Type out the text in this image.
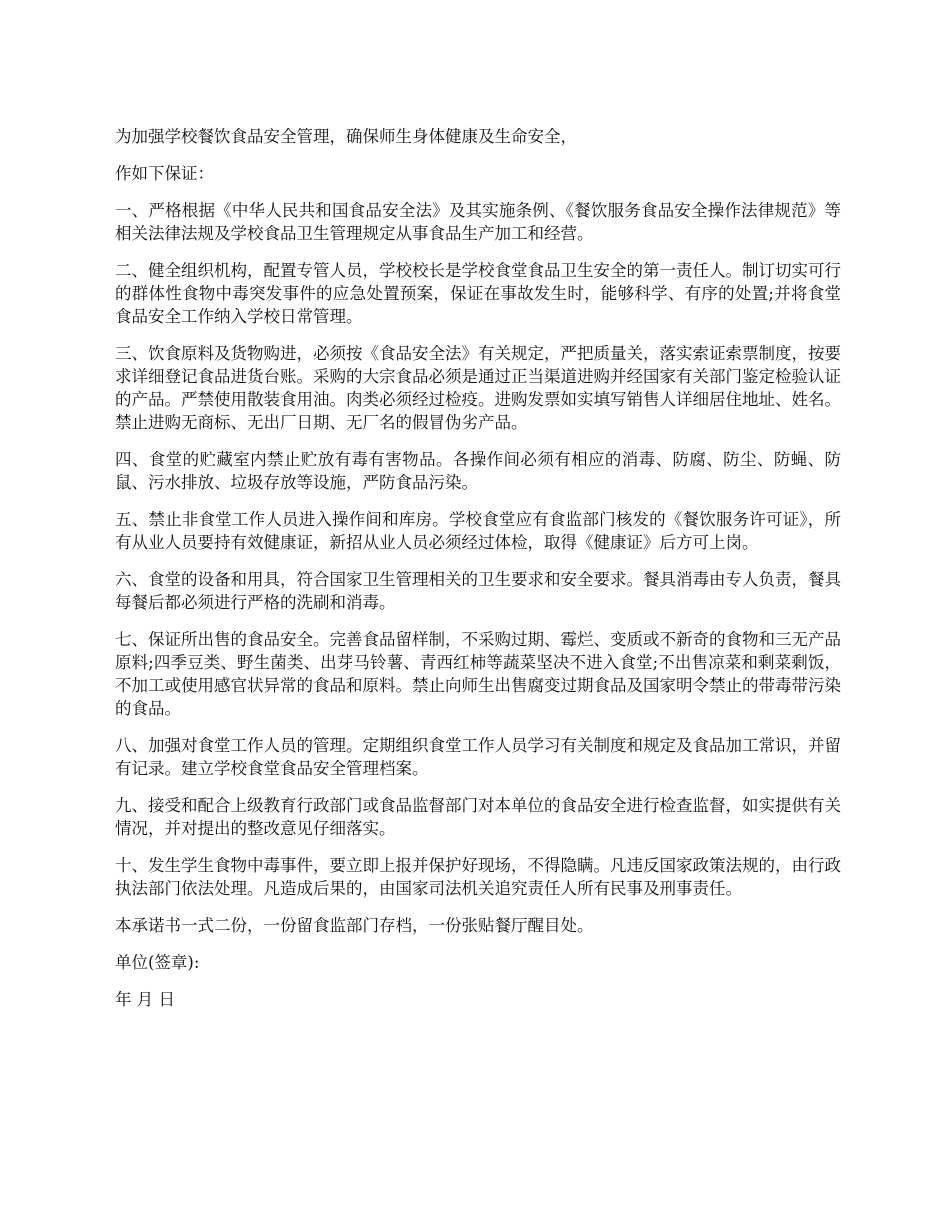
为加强学校餐饮食品安全管理，确保师生身体健康及生命安全，

作如下保证：

一、严格根据《中华人民共和国食品安全法》及其实施条例、《餐饮服务食品安全操作法律规范》等相关法律法规及学校食品卫生管理规定从事食品生产加工和经营。

二、健全组织机构，配置专管人员，学校校长是学校食堂食品卫生安全的第一责任人。制订切实可行的群体性食物中毒突发事件的应急处置预案，保证在事故发生时，能够科学、有序的处置;并将食堂食品安全工作纳入学校日常管理。

三、饮食原料及货物购进，必须按《食品安全法》有关规定，严把质量关，落实索证索票制度，按要求详细登记食品进货台账。采购的大宗食品必须是通过正当渠道进购并经国家有关部门鉴定检验认证的产品。严禁使用散装食用油。肉类必须经过检疫。进购发票如实填写销售人详细居住地址、姓名。禁止进购无商标、无出厂日期、无厂名的假冒伪劣产品。

四、食堂的贮藏室内禁止贮放有毒有害物品。各操作间必须有相应的消毒、防腐、防尘、防蝇、防鼠、污水排放、垃圾存放等设施，严防食品污染。

五、禁止非食堂工作人员进入操作间和库房。学校食堂应有食监部门核发的《餐饮服务许可证》，所有从业人员要持有效健康证，新招从业人员必须经过体检，取得《健康证》后方可上岗。

六、食堂的设备和用具，符合国家卫生管理相关的卫生要求和安全要求。餐具消毒由专人负责，餐具每餐后都必须进行严格的洗刷和消毒。

七、保证所出售的食品安全。完善食品留样制，不采购过期、霉烂、变质或不新奇的食物和三无产品原料;四季豆类、野生菌类、出芽马铃薯、青西红柿等蔬菜坚决不进入食堂;不出售凉菜和剩菜剩饭，不加工或使用感官状异常的食品和原料。禁止向师生出售腐变过期食品及国家明令禁止的带毒带污染的食品。

八、加强对食堂工作人员的管理。定期组织食堂工作人员学习有关制度和规定及食品加工常识，并留有记录。建立学校食堂食品安全管理档案。

九、接受和配合上级教育行政部门或食品监督部门对本单位的食品安全进行检查监督，如实提供有关情况，并对提出的整改意见仔细落实。

十、发生学生食物中毒事件，要立即上报并保护好现场，不得隐瞒。凡违反国家政策法规的，由行政执法部门依法处理。凡造成后果的，由国家司法机关追究责任人所有民事及刑事责任。

本承诺书一式二份，一份留食监部门存档，一份张贴餐厅醒目处。

单位(签章):

年 月 日
